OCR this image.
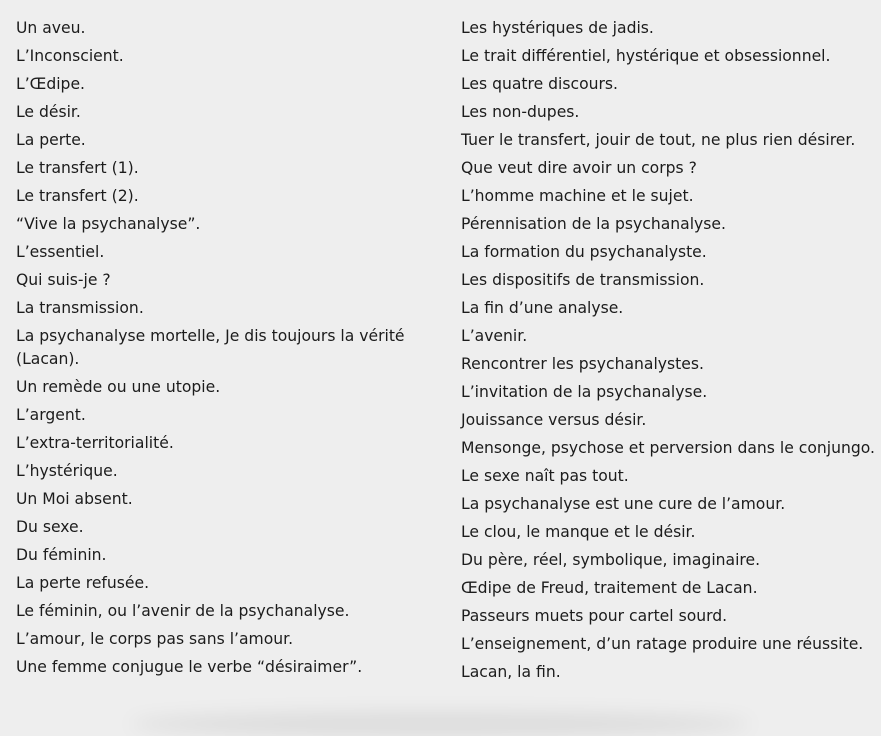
Un aveu.
L’Inconscient.
L’Œdipe.
Le désir.
La perte.
Le transfert (1).
Le transfert (2).
“Vive la psychanalyse”.
L’essentiel.
Qui suis-je ?
La transmission.
La psychanalyse mortelle, Je dis toujours la vérité (Lacan).
Un remède ou une utopie.
L’argent.
L’extra-territorialité.
L’hystérique.
Un Moi absent.
Du sexe.
Du féminin.
La perte refusée.
Le féminin, ou l’avenir de la psychanalyse.
L’amour, le corps pas sans l’amour.
Une femme conjugue le verbe “désiraimer”.
Les hystériques de jadis.
Le trait différentiel, hystérique et obsessionnel.
Les quatre discours.
Les non-dupes.
Tuer le transfert, jouir de tout, ne plus rien désirer.
Que veut dire avoir un corps ?
L’homme machine et le sujet.
Pérennisation de la psychanalyse.
La formation du psychanalyste.
Les dispositifs de transmission.
La fin d’une analyse.
L’avenir.
Rencontrer les psychanalystes.
L’invitation de la psychanalyse.
Jouissance versus désir.
Mensonge, psychose et perversion dans le conjungo.
Le sexe naît pas tout.
La psychanalyse est une cure de l’amour.
Le clou, le manque et le désir.
Du père, réel, symbolique, imaginaire.
Œdipe de Freud, traitement de Lacan.
Passeurs muets pour cartel sourd.
L’enseignement, d’un ratage produire une réussite.
Lacan, la fin.
